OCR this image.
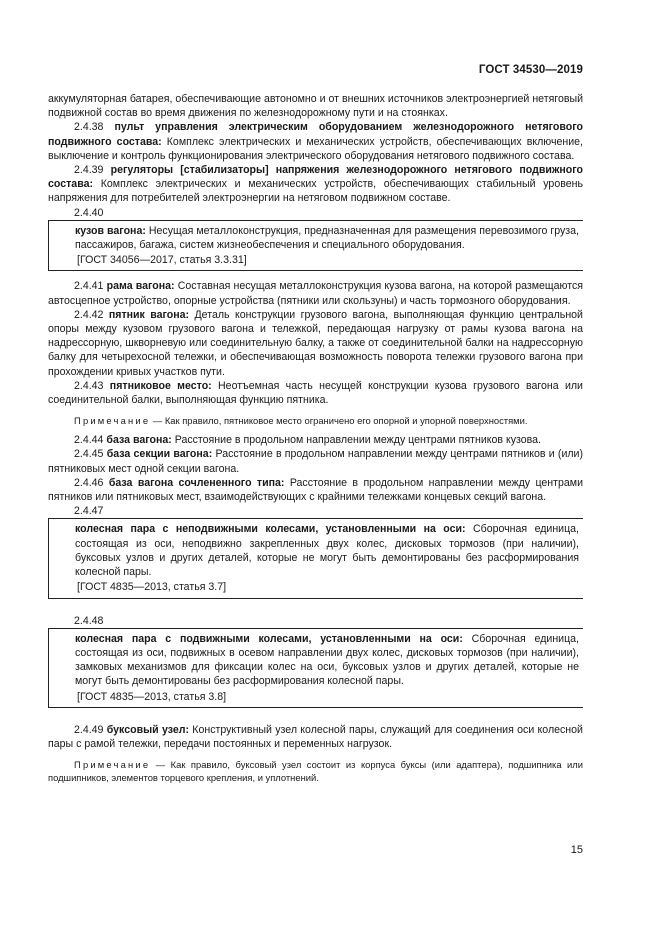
ГОСТ 34530—2019

аккумуляторная батарея, обеспечивающие автономно и от внешних источников электроэнергией нетяговый подвижной состав во время движения по железнодорожному пути и на стоянках.

2.4.38 пульт управления электрическим оборудованием железнодорожного нетягового подвижного состава: Комплекс электрических и механических устройств, обеспечивающих включение, выключение и контроль функционирования электрического оборудования нетягового подвижного состава.

2.4.39 регуляторы [стабилизаторы] напряжения железнодорожного нетягового подвижного состава: Комплекс электрических и механических устройств, обеспечивающих стабильный уровень напряжения для потребителей электроэнергии на нетяговом подвижном составе.

2.4.40

кузов вагона: Несущая металлоконструкция, предназначенная для размещения перевозимого груза, пассажиров, багажа, систем жизнеобеспечения и специального оборудования.

[ГОСТ 34056—2017, статья 3.3.31]

2.4.41 рама вагона: Составная несущая металлоконструкция кузова вагона, на которой размещаются автосцепное устройство, опорные устройства (пятники или скользуны) и часть тормозного оборудования.

2.4.42 пятник вагона: Деталь конструкции грузового вагона, выполняющая функцию центральной опоры между кузовом грузового вагона и тележкой, передающая нагрузку от рамы кузова вагона на надрессорную, шкворневую или соединительную балку, а также от соединительной балки на надрессорную балку для четырехосной тележки, и обеспечивающая возможность поворота тележки грузового вагона при прохождении кривых участков пути.

2.4.43 пятниковое место: Неотъемная часть несущей конструкции кузова грузового вагона или соединительной балки, выполняющая функцию пятника.

Примечание — Как правило, пятниковое место ограничено его опорной и упорной поверхностями.

2.4.44 база вагона: Расстояние в продольном направлении между центрами пятников кузова.

2.4.45 база секции вагона: Расстояние в продольном направлении между центрами пятников и (или) пятниковых мест одной секции вагона.

2.4.46 база вагона сочлененного типа: Расстояние в продольном направлении между центрами пятников или пятниковых мест, взаимодействующих с крайними тележками концевых секций вагона.

2.4.47

колесная пара с неподвижными колесами, установленными на оси: Сборочная единица, состоящая из оси, неподвижно закрепленных двух колес, дисковых тормозов (при наличии), буксовых узлов и других деталей, которые не могут быть демонтированы без расформирования колесной пары.

[ГОСТ 4835—2013, статья 3.7]

2.4.48

колесная пара с подвижными колесами, установленными на оси: Сборочная единица, состоящая из оси, подвижных в осевом направлении двух колес, дисковых тормозов (при наличии), замковых механизмов для фиксации колес на оси, буксовых узлов и других деталей, которые не могут быть демонтированы без расформирования колесной пары.

[ГОСТ 4835—2013, статья 3.8]

2.4.49 буксовый узел: Конструктивный узел колесной пары, служащий для соединения оси колесной пары с рамой тележки, передачи постоянных и переменных нагрузок.

Примечание — Как правило, буксовый узел состоит из корпуса буксы (или адаптера), подшипника или подшипников, элементов торцевого крепления, и уплотнений.

15
